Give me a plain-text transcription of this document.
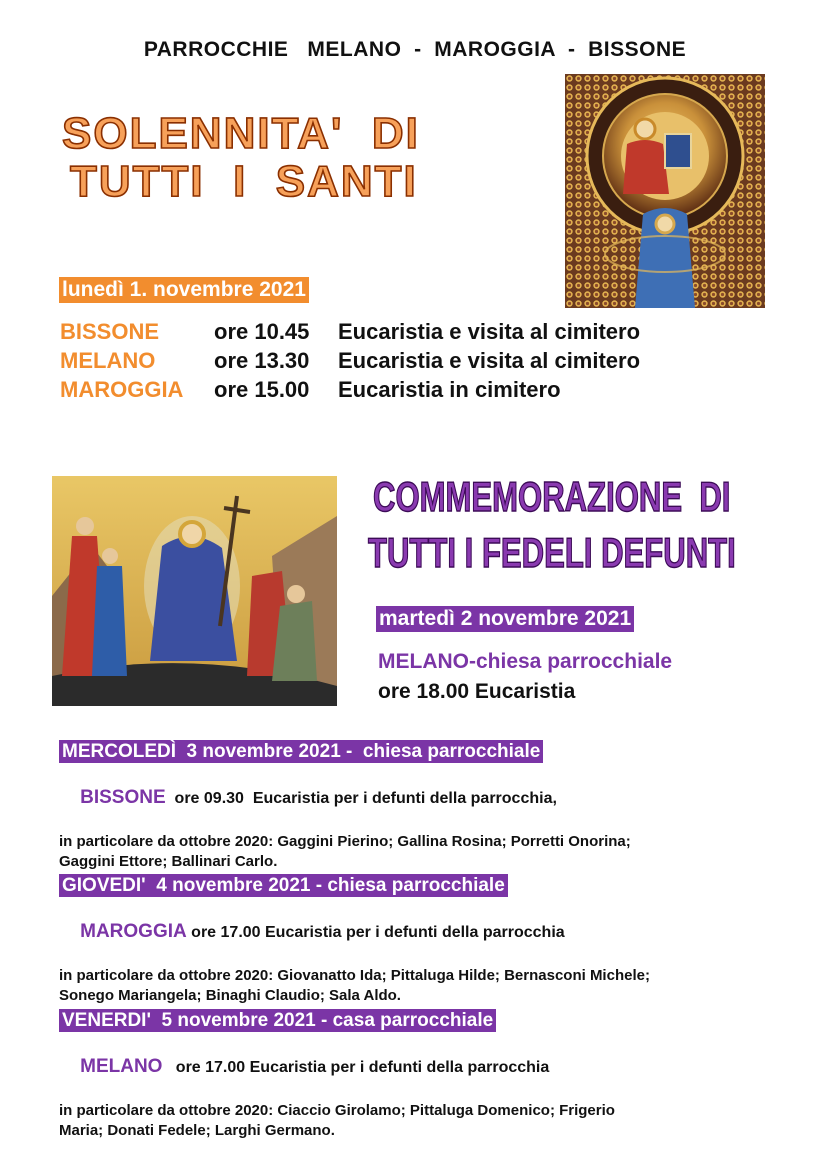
PARROCCHIE   MELANO  -  MAROGGIA  -  BISSONE
SOLENNITA'  DI
TUTTI  I  SANTI
lunedì 1. novembre 2021
BISSONE	ore 10.45	Eucaristia e visita al cimitero
MELANO	ore 13.30	Eucaristia e visita al cimitero
MAROGGIA	ore 15.00	Eucaristia in cimitero
COMMEMORAZIONE  DI
TUTTI I FEDELI DEFUNTI
martedì 2 novembre 2021
MELANO-chiesa parrocchiale
ore 18.00 Eucaristia
MERCOLEDÌ  3 novembre 2021 -  chiesa parrocchiale

BISSONE  ore 09.30  Eucaristia per i defunti della parrocchia,

in particolare da ottobre 2020: Gaggini Pierino; Gallina Rosina; Porretti Onorina;
Gaggini Ettore; Ballinari Carlo.
GIOVEDI'  4 novembre 2021 - chiesa parrocchiale

MAROGGIA ore 17.00 Eucaristia per i defunti della parrocchia

in particolare da ottobre 2020: Giovanatto Ida; Pittaluga Hilde; Bernasconi Michele;
Sonego Mariangela; Binaghi Claudio; Sala Aldo.
VENERDI'  5 novembre 2021 - casa parrocchiale

MELANO   ore 17.00 Eucaristia per i defunti della parrocchia

in particolare da ottobre 2020: Ciaccio Girolamo; Pittaluga Domenico; Frigerio
Maria; Donati Fedele; Larghi Germano.
